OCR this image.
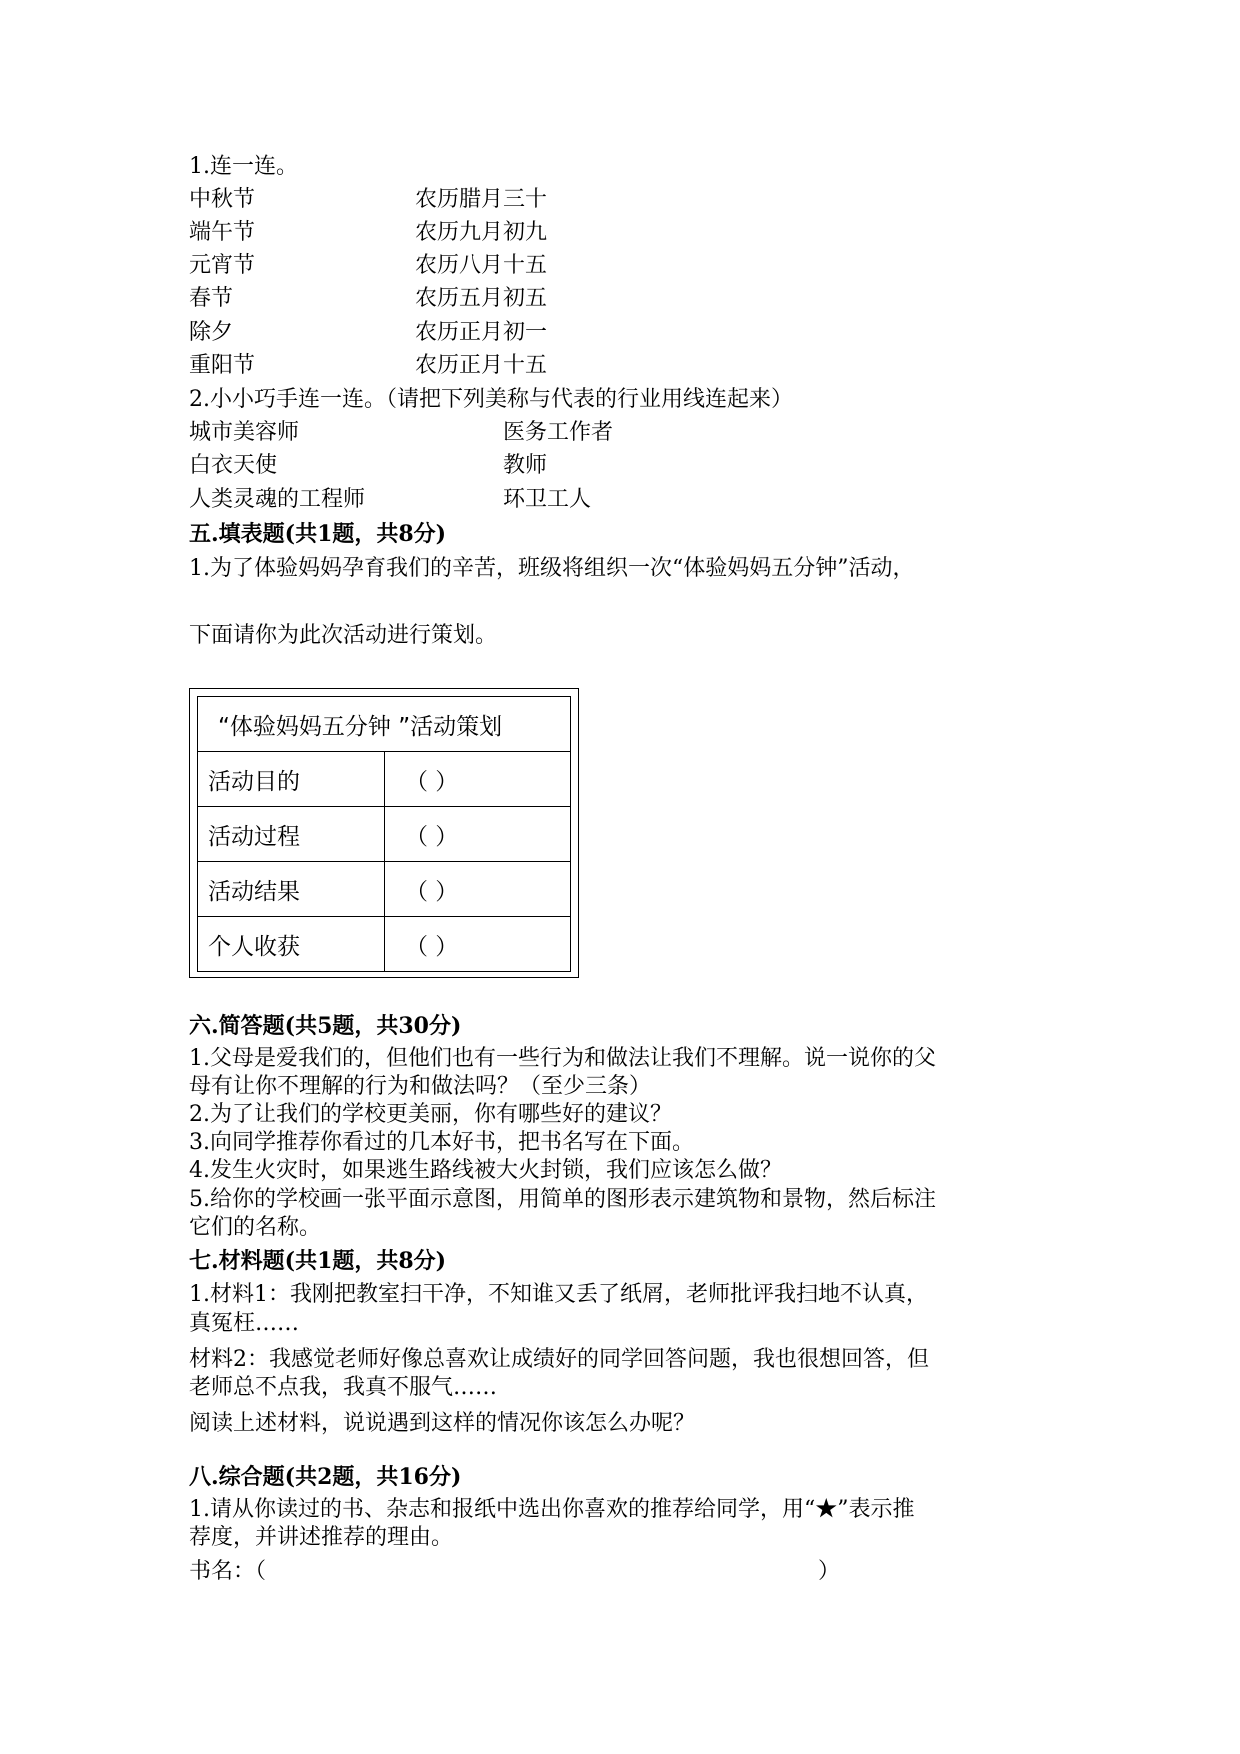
1.连一连。
中秋节	农历腊月三十
端午节	农历九月初九
元宵节	农历八月十五
春节	农历五月初五
除夕	农历正月初一
重阳节	农历正月十五
2.小小巧手连一连。（请把下列美称与代表的行业用线连起来）
城市美容师	医务工作者
白衣天使	教师
人类灵魂的工程师	环卫工人
五.填表题(共1题，共8分)
1.为了体验妈妈孕育我们的辛苦，班级将组织一次“体验妈妈五分钟”活动，
下面请你为此次活动进行策划。
“体验妈妈五分钟 ”活动策划	
活动目的	（ ）
活动过程	（ ）
活动结果	（ ）
个人收获	（ ）
六.简答题(共5题，共30分)
1.父母是爱我们的，但他们也有一些行为和做法让我们不理解。说一说你的父
母有让你不理解的行为和做法吗？（至少三条）
2.为了让我们的学校更美丽，你有哪些好的建议？
3.向同学推荐你看过的几本好书，把书名写在下面。
4.发生火灾时，如果逃生路线被大火封锁，我们应该怎么做？
5.给你的学校画一张平面示意图，用简单的图形表示建筑物和景物，然后标注
它们的名称。
七.材料题(共1题，共8分)
1.材料1：我刚把教室扫干净，不知谁又丢了纸屑，老师批评我扫地不认真，
真冤枉……
材料2：我感觉老师好像总喜欢让成绩好的同学回答问题，我也很想回答，但
老师总不点我，我真不服气……
阅读上述材料，说说遇到这样的情况你该怎么办呢？
八.综合题(共2题，共16分)
1.请从你读过的书、杂志和报纸中选出你喜欢的推荐给同学，用“★”表示推
荐度，并讲述推荐的理由。
书名：（	）
